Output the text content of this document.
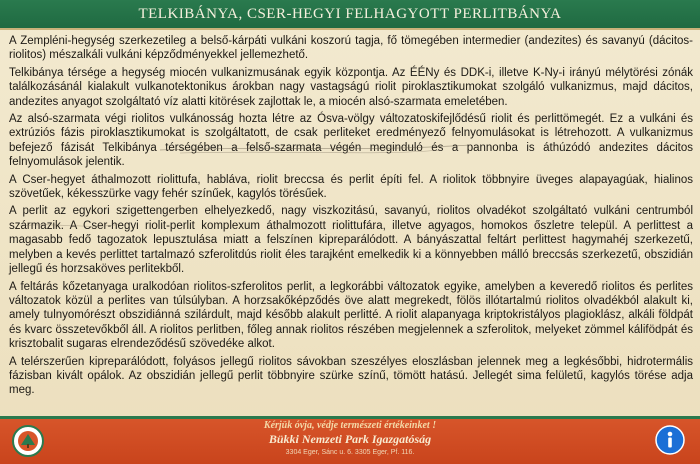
TELKIBÁNYA, CSER-HEGYI FELHAGYOTT PERLITBÁNYA

A Zempléni-hegység szerkezetileg a belső-kárpáti vulkáni koszorú tagja, fő tömegében intermedier (andezites) és savanyú (dácitos-riolitos) mészalkáli vulkáni képződményekkel jellemezhető.

Telkibánya térsége a hegység miocén vulkanizmusának egyik központja. Az ÉÉNy és DDK-i, illetve K-Ny-i irányú mélytörési zónák találkozásánál kialakult vulkanotektonikus árokban nagy vastagságú riolit piroklasztikumokat szolgáló vulkanizmus, majd dácitos, andezites anyagot szolgáltató víz alatti kitörések zajlottak le, a miocén alsó-szarmata emeletében.

Az alsó-szarmata végi riolitos vulkánosság hozta létre az Ósva-völgy változatoskifejlődésű riolit és perlittömegét. Ez a vulkáni és extrúziós fázis piroklasztikumokat is szolgáltatott, de csak perliteket eredményező felnyomulásokat is létrehozott. A vulkanizmus befejező fázisát Telkibánya térségében a felső-szarmata végén meginduló és a pannonba is áthúzódó andezites dácitos felnyomulások jelentik.

A Cser-hegyet áthalmozott riolittufa, habláva, riolit breccsa és perlit építi fel. A riolitok többnyire üveges alapayagúak, hialinos szövetűek, kékesszürke vagy fehér színűek, kagylós törésűek.

A perlit az egykori szigettengerben elhelyezkedő, nagy viszkozitású, savanyú, riolitos olvadékot szolgáltató vulkáni centrumból származik. A Cser-hegyi riolit-perlit komplexum áthalmozott riolittufára, illetve agyagos, homokos őszletre települ. A perlittest a magasabb fedő tagozatok lepusztulása miatt a felszínen kipreparálódott. A bányászattal feltárt perlittest hagymahéj szerkezetű, melyben a kevés perlittet tartalmazó szferolitdús riolit éles tarajként emelkedik ki a könnyebben málló breccsás szerkezetű, obszidián jellegű és horzsaköves perlitekből.

A feltárás kőzetanyaga uralkodóan riolitos-szferolitos perlit, a legkorábbi változatok egyike, amelyben a keveredő riolitos és perlites változatok közül a perlites van túlsúlyban. A horzsakőképződés öve alatt megrekedt, fölös illótartalmú riolitos olvadékból alakult ki, amely tulnyomórészt obszidiánná szilárdult, majd később alakult perlitté. A riolit alapanyaga kriptokristályos plagioklász, alkáli földpát és kvarc összetevőkből áll. A riolitos perlitben, főleg annak riolitos részében megjelennek a szferolitok, melyeket zömmel kálifödpát és krisztobalit sugaras elrendeződésű szövedéke alkot.

A telérszerűen kipreparálódott, folyásos jellegű riolitos sávokban szeszélyes eloszlásban jelennek meg a legkésőbbi, hidrotermális fázisban kivált opálok. Az obszidián jellegű perlit többnyire szürke színű, tömött hatású. Jellegét sima felületű, kagylós törése adja meg.

Kérjük óvja, védje természeti értékeinket !
Bükki Nemzeti Park Igazgatóság
3304 Eger, Sánc u. 6. 3305 Eger, Pf. 116.
